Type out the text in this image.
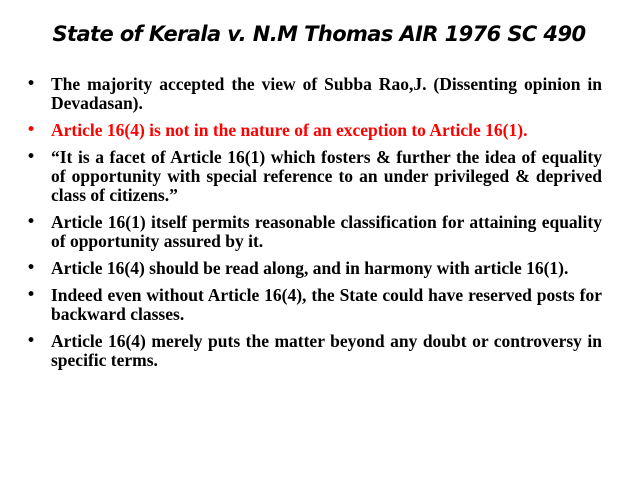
State of Kerala v. N.M Thomas AIR 1976 SC 490
• The majority accepted the view of Subba Rao,J. (Dissenting opinion in Devadasan).
• Article 16(4) is not in the nature of an exception to Article 16(1).
• “It is a facet of Article 16(1) which fosters & further the idea of equality of opportunity with special reference to an under privileged & deprived class of citizens.”
• Article 16(1) itself permits reasonable classification for attaining equality of opportunity assured by it.
• Article 16(4) should be read along, and in harmony with article 16(1).
• Indeed even without Article 16(4), the State could have reserved posts for backward classes.
• Article 16(4) merely puts the matter beyond any doubt or controversy in specific terms.
